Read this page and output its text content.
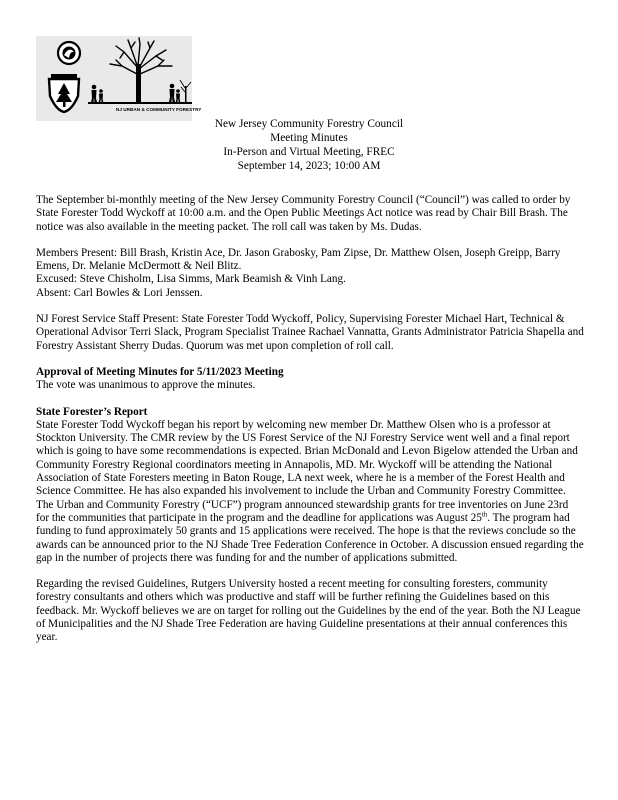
NJ URBAN & COMMUNITY FORESTRY
New Jersey Community Forestry Council
Meeting Minutes
In-Person and Virtual Meeting, FREC
September 14, 2023; 10:00 AM

The September bi-monthly meeting of the New Jersey Community Forestry Council (“Council”) was called to order by State Forester Todd Wyckoff at 10:00 a.m. and the Open Public Meetings Act notice was read by Chair Bill Brash. The notice was also available in the meeting packet. The roll call was taken by Ms. Dudas.

Members Present: Bill Brash, Kristin Ace, Dr. Jason Grabosky, Pam Zipse, Dr. Matthew Olsen, Joseph Greipp, Barry Emens, Dr. Melanie McDermott & Neil Blitz.

Excused: Steve Chisholm, Lisa Simms, Mark Beamish & Vinh Lang.

Absent: Carl Bowles & Lori Jenssen.

NJ Forest Service Staff Present: State Forester Todd Wyckoff, Policy, Supervising Forester Michael Hart, Technical & Operational Advisor Terri Slack, Program Specialist Trainee Rachael Vannatta, Grants Administrator Patricia Shapella and Forestry Assistant Sherry Dudas. Quorum was met upon completion of roll call.

Approval of Meeting Minutes for 5/11/2023 Meeting

The vote was unanimous to approve the minutes.

State Forester’s Report

State Forester Todd Wyckoff began his report by welcoming new member Dr. Matthew Olsen who is a professor at Stockton University. The CMR review by the US Forest Service of the NJ Forestry Service went well and a final report which is going to have some recommendations is expected. Brian McDonald and Levon Bigelow attended the Urban and Community Forestry Regional coordinators meeting in Annapolis, MD. Mr. Wyckoff will be attending the National Association of State Foresters meeting in Baton Rouge, LA next week, where he is a member of the Forest Health and Science Committee. He has also expanded his involvement to include the Urban and Community Forestry Committee. The Urban and Community Forestry (“UCF”) program announced stewardship grants for tree inventories on June 23rd for the communities that participate in the program and the deadline for applications was August 25th. The program had funding to fund approximately 50 grants and 15 applications were received. The hope is that the reviews conclude so the awards can be announced prior to the NJ Shade Tree Federation Conference in October. A discussion ensued regarding the gap in the number of projects there was funding for and the number of applications submitted.

Regarding the revised Guidelines, Rutgers University hosted a recent meeting for consulting foresters, community forestry consultants and others which was productive and staff will be further refining the Guidelines based on this feedback. Mr. Wyckoff believes we are on target for rolling out the Guidelines by the end of the year. Both the NJ League of Municipalities and the NJ Shade Tree Federation are having Guideline presentations at their annual conferences this year.
